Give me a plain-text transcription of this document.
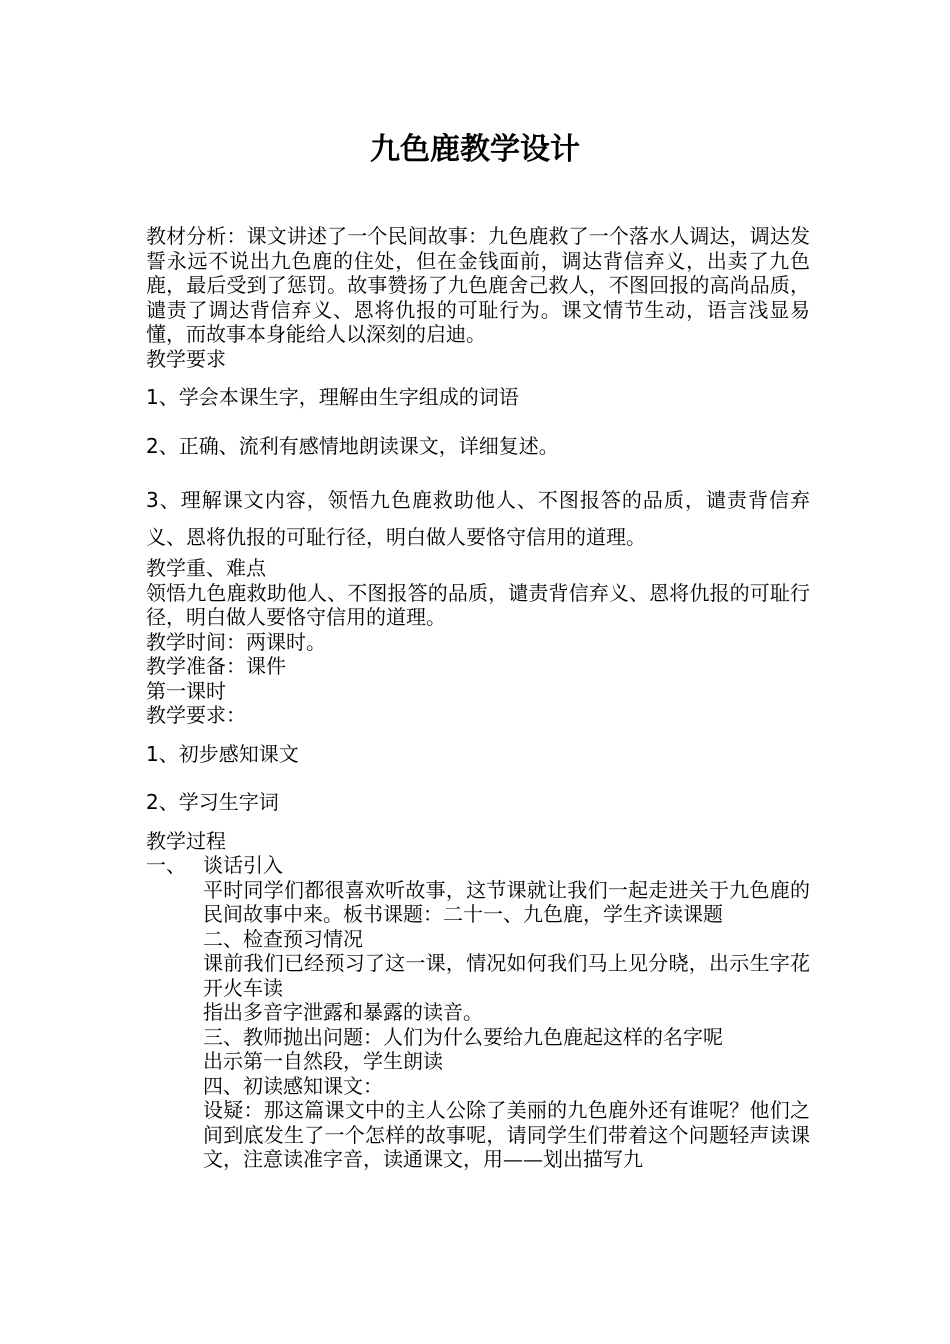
九色鹿教学设计

教材分析：课文讲述了一个民间故事：九色鹿救了一个落水人调达，调达发誓永远不说出九色鹿的住处，但在金钱面前，调达背信弃义，出卖了九色鹿，最后受到了惩罚。故事赞扬了九色鹿舍己救人，不图回报的高尚品质，谴责了调达背信弃义、恩将仇报的可耻行为。课文情节生动，语言浅显易懂，而故事本身能给人以深刻的启迪。

教学要求

1、学会本课生字，理解由生字组成的词语

2、正确、流利有感情地朗读课文，详细复述。

3、理解课文内容，领悟九色鹿救助他人、不图报答的品质，谴责背信弃义、恩将仇报的可耻行径，明白做人要恪守信用的道理。

教学重、难点

领悟九色鹿救助他人、不图报答的品质，谴责背信弃义、恩将仇报的可耻行径，明白做人要恪守信用的道理。

教学时间：两课时。

教学准备：课件

第一课时

教学要求：

1、初步感知课文

2、学习生字词

教学过程

一、 谈话引入

平时同学们都很喜欢听故事，这节课就让我们一起走进关于九色鹿的民间故事中来。板书课题：二十一、九色鹿，学生齐读课题

二、检查预习情况

课前我们已经预习了这一课，情况如何我们马上见分晓，出示生字花开火车读

指出多音字泄露和暴露的读音。

三、教师抛出问题：人们为什么要给九色鹿起这样的名字呢

出示第一自然段，学生朗读

四、初读感知课文：

设疑：那这篇课文中的主人公除了美丽的九色鹿外还有谁呢？他们之间到底发生了一个怎样的故事呢，请同学生们带着这个问题轻声读课文，注意读准字音，读通课文，用——划出描写九
